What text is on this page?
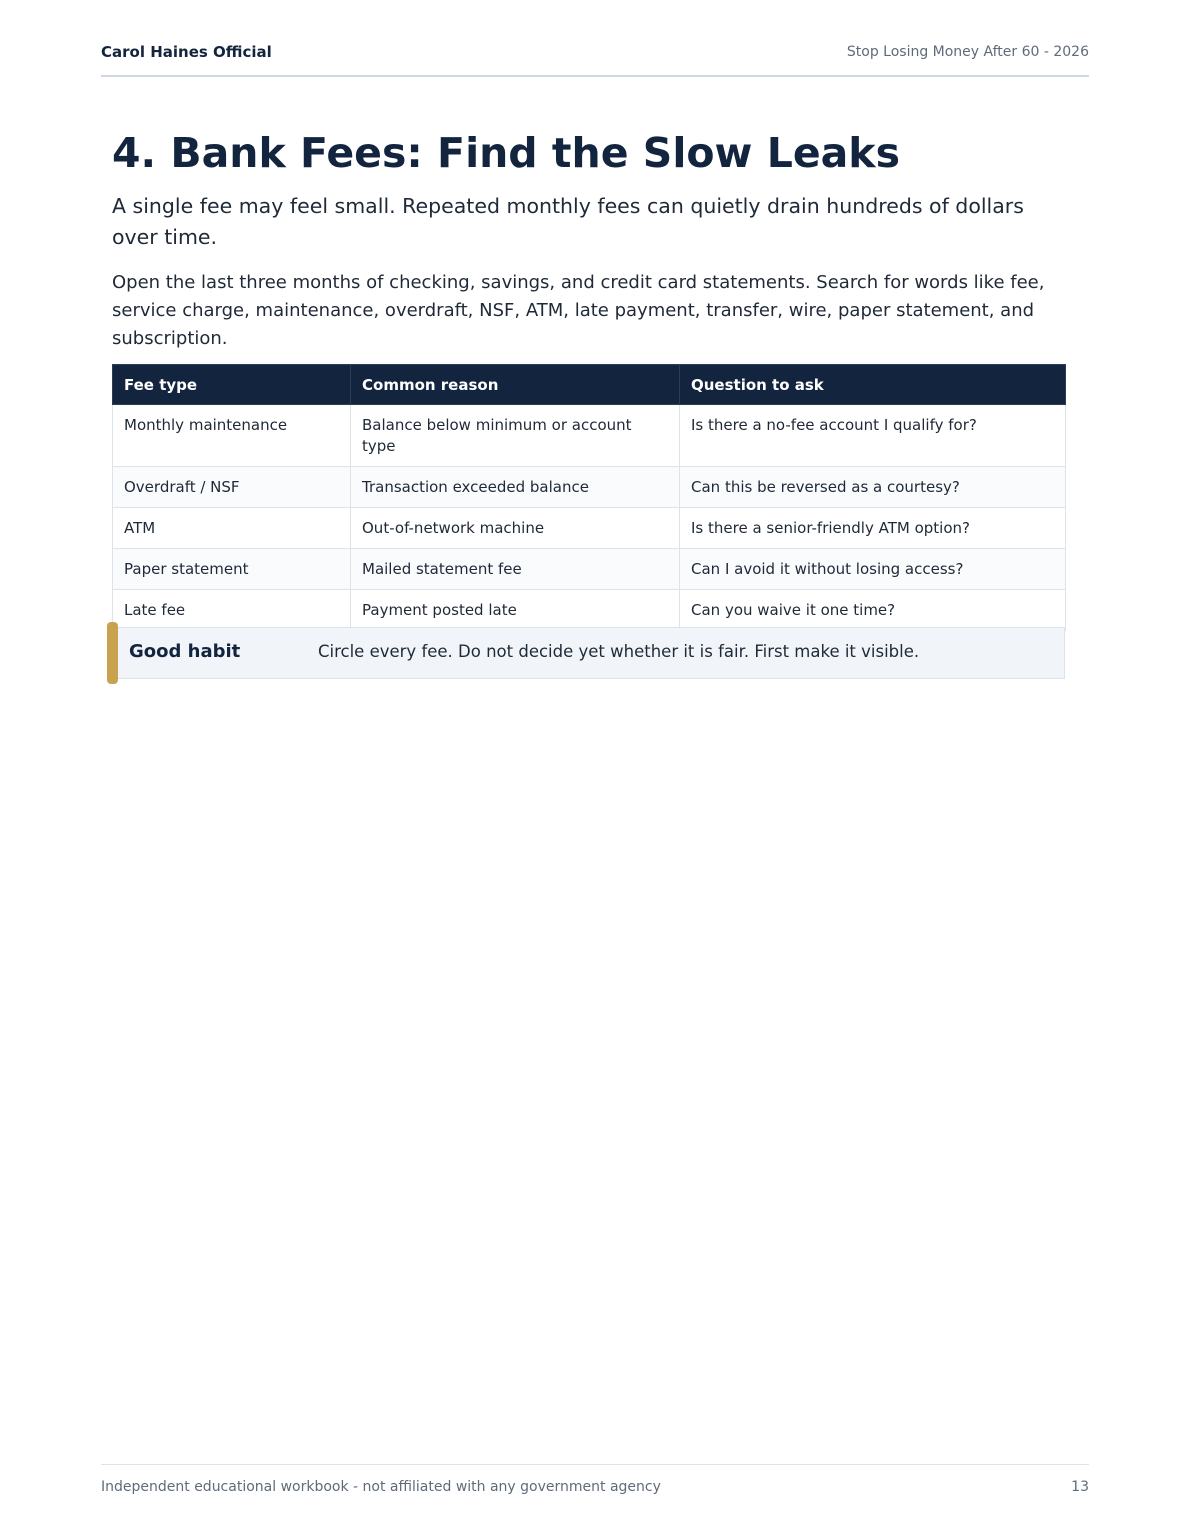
Carol Haines Official	Stop Losing Money After 60 - 2026
4. Bank Fees: Find the Slow Leaks

A single fee may feel small. Repeated monthly fees can quietly drain hundreds of dollars over time.

Open the last three months of checking, savings, and credit card statements. Search for words like fee, service charge, maintenance, overdraft, NSF, ATM, late payment, transfer, wire, paper statement, and subscription.

Fee type	Common reason	Question to ask
Monthly maintenance	Balance below minimum or account type	Is there a no-fee account I qualify for?
Overdraft / NSF	Transaction exceeded balance	Can this be reversed as a courtesy?
ATM	Out-of-network machine	Is there a senior-friendly ATM option?
Paper statement	Mailed statement fee	Can I avoid it without losing access?
Late fee	Payment posted late	Can you waive it one time?
Good habit	Circle every fee. Do not decide yet whether it is fair. First make it visible.
Independent educational workbook - not affiliated with any government agency	13
